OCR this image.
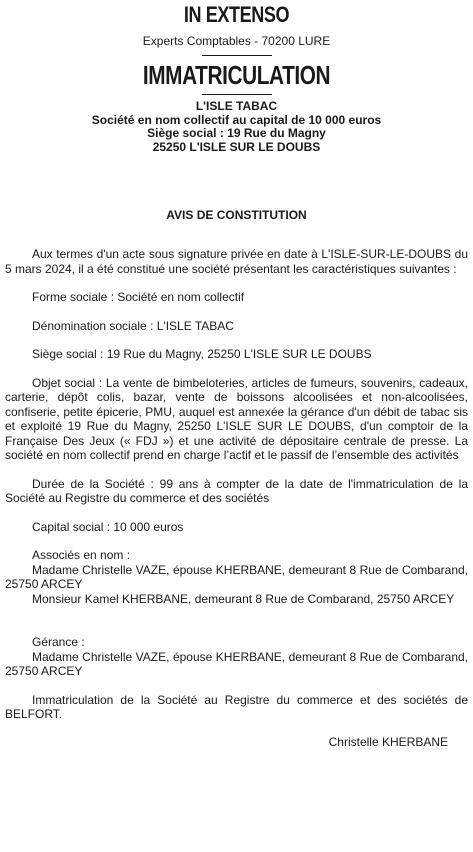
IN EXTENSO

Experts Comptables - 70200 LURE

IMMATRICULATION

L'ISLE TABAC

Société en nom collectif au capital de 10 000 euros

Siège social : 19 Rue du Magny

25250 L'ISLE SUR LE DOUBS

AVIS DE CONSTITUTION

Aux termes d'un acte sous signature privée en date à L'ISLE-SUR-LE-DOUBS du 5 mars 2024, il a été constitué une société présentant les caractéristiques suivantes :

Forme sociale : Société en nom collectif

Dénomination sociale : L'ISLE TABAC

Siège social : 19 Rue du Magny, 25250 L'ISLE SUR LE DOUBS

Objet social : La vente de bimbeloteries, articles de fumeurs, souvenirs, cadeaux, carterie, dépôt colis, bazar, vente de boissons alcoolisées et non-alcoolisées, confiserie, petite épicerie, PMU, auquel est annexée la gérance d'un débit de tabac sis et exploité 19 Rue du Magny, 25250 L'ISLE SUR LE DOUBS, d'un comptoir de la Française Des Jeux (« FDJ ») et une activité de dépositaire centrale de presse. La société en nom collectif prend en charge l’actif et le passif de l’ensemble des activités

Durée de la Société : 99 ans à compter de la date de l'immatriculation de la Société au Registre du commerce et des sociétés

Capital social : 10 000 euros

Associés en nom :

Madame Christelle VAZE, épouse KHERBANE, demeurant 8 Rue de Combarand, 25750 ARCEY

Monsieur Kamel KHERBANE, demeurant 8 Rue de Combarand, 25750 ARCEY

Gérance :

Madame Christelle VAZE, épouse KHERBANE, demeurant 8 Rue de Combarand, 25750 ARCEY

Immatriculation de la Société au Registre du commerce et des sociétés de BELFORT.

Christelle KHERBANE
